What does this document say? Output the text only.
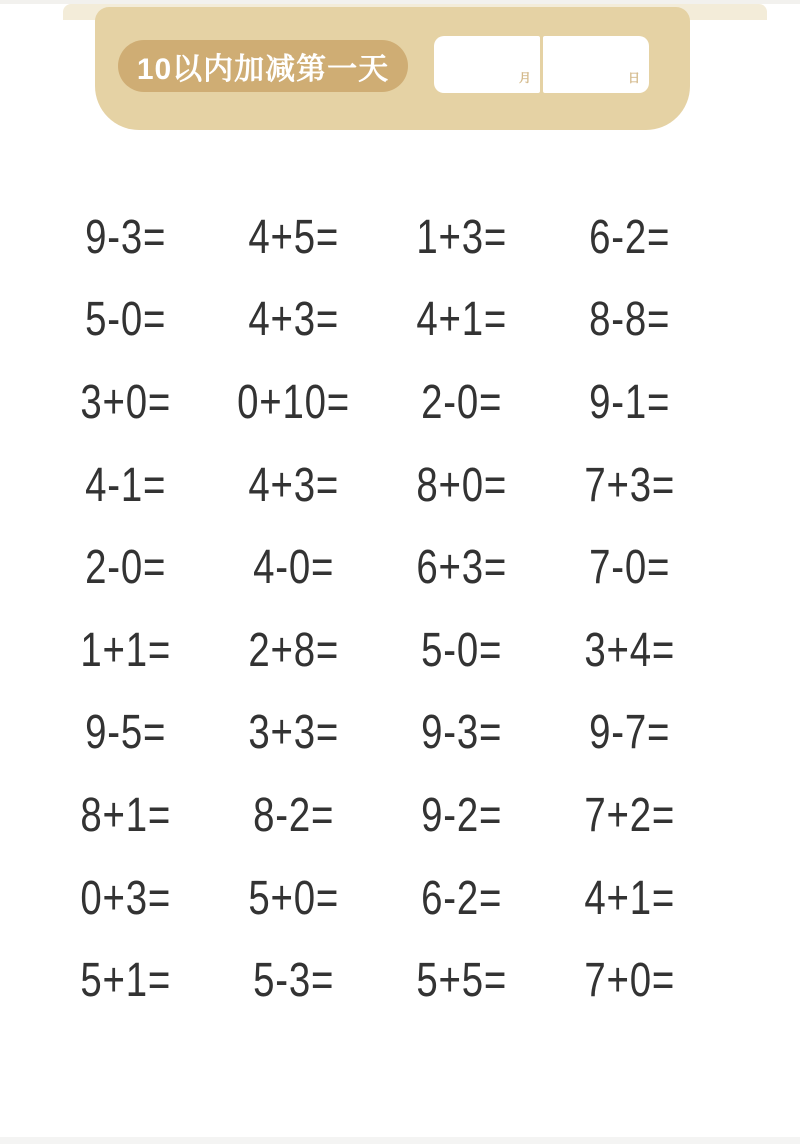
10以内加减第一天	月	日
9-3= 4+5= 1+3= 6-2=
5-0= 4+3= 4+1= 8-8=
3+0= 0+10= 2-0= 9-1=
4-1= 4+3= 8+0= 7+3=
2-0= 4-0= 6+3= 7-0=
1+1= 2+8= 5-0= 3+4=
9-5= 3+3= 9-3= 9-7=
8+1= 8-2= 9-2= 7+2=
0+3= 5+0= 6-2= 4+1=
5+1= 5-3= 5+5= 7+0=
